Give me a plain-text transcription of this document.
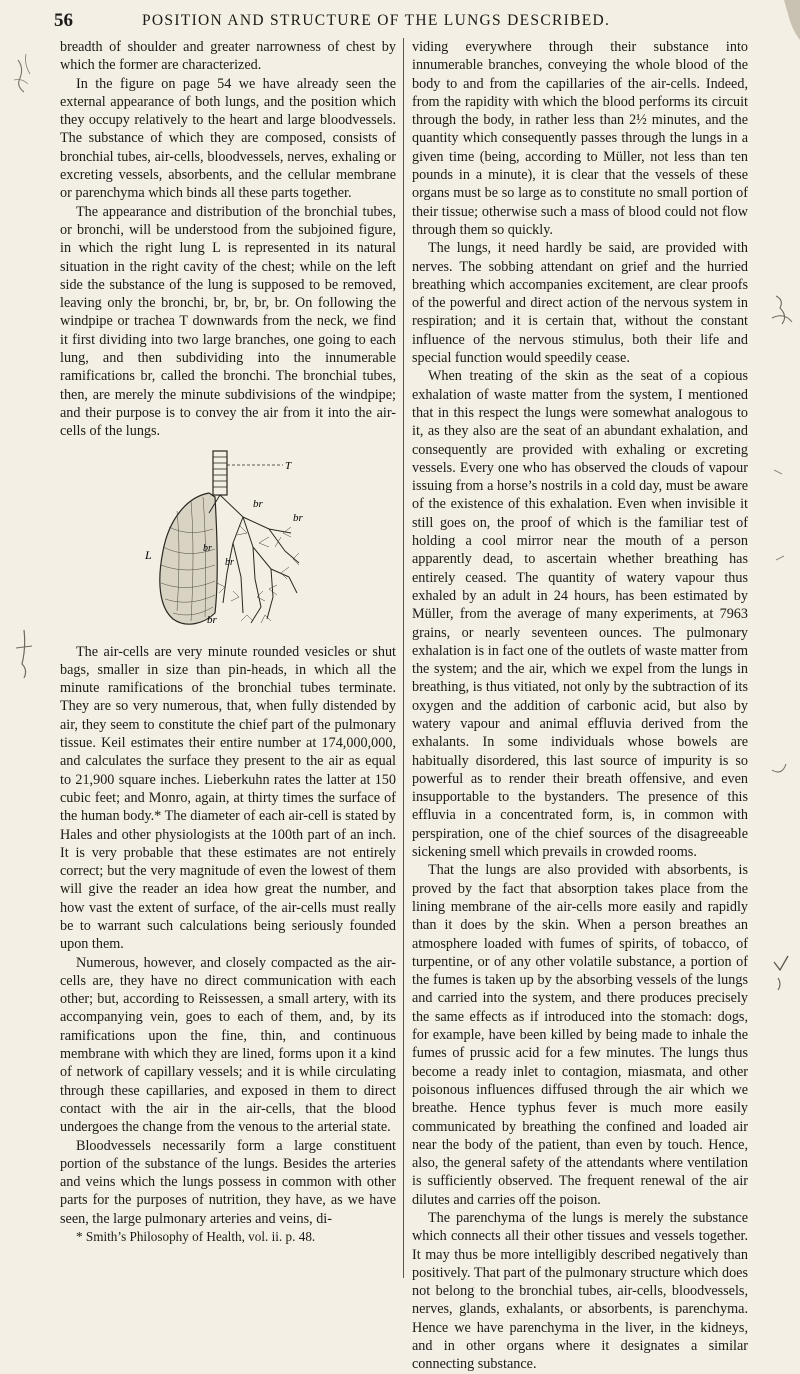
56	POSITION AND STRUCTURE OF THE LUNGS DESCRIBED.

breadth of shoulder and greater narrowness of chest by which the former are characterized.

In the figure on page 54 we have already seen the external appearance of both lungs, and the position which they occupy relatively to the heart and large bloodvessels. The substance of which they are composed, consists of bronchial tubes, air-cells, bloodvessels, nerves, exhaling or excreting vessels, absorbents, and the cellular membrane or parenchyma which binds all these parts together.

The appearance and distribution of the bronchial tubes, or bronchi, will be understood from the subjoined figure, in which the right lung L is represented in its natural situation in the right cavity of the chest; while on the left side the substance of the lung is supposed to be removed, leaving only the bronchi, br, br, br, br. On following the windpipe or trachea T downwards from the neck, we find it first dividing into two large branches, one going to each lung, and then subdividing into the innumerable ramifications br, called the bronchi. The bronchial tubes, then, are merely the minute subdivisions of the windpipe; and their purpose is to convey the air from it into the air-cells of the lungs.

T
br
br
L	br
br
br

The air-cells are very minute rounded vesicles or shut bags, smaller in size than pin-heads, in which all the minute ramifications of the bronchial tubes terminate. They are so very numerous, that, when fully distended by air, they seem to constitute the chief part of the pulmonary tissue. Keil estimates their entire number at 174,000,000, and calculates the surface they present to the air as equal to 21,900 square inches. Lieberkuhn rates the latter at 150 cubic feet; and Monro, again, at thirty times the surface of the human body.* The diameter of each air-cell is stated by Hales and other physiologists at the 100th part of an inch. It is very probable that these estimates are not entirely correct; but the very magnitude of even the lowest of them will give the reader an idea how great the number, and how vast the extent of surface, of the air-cells must really be to warrant such calculations being seriously founded upon them.

Numerous, however, and closely compacted as the air-cells are, they have no direct communication with each other; but, according to Reissessen, a small artery, with its accompanying vein, goes to each of them, and, by its ramifications upon the fine, thin, and continuous membrane with which they are lined, forms upon it a kind of network of capillary vessels; and it is while circulating through these capillaries, and exposed in them to direct contact with the air in the air-cells, that the blood undergoes the change from the venous to the arterial state.

Bloodvessels necessarily form a large constituent portion of the substance of the lungs. Besides the arteries and veins which the lungs possess in common with other parts for the purposes of nutrition, they have, as we have seen, the large pulmonary arteries and veins, di-

* Smith’s Philosophy of Health, vol. ii. p. 48.

viding everywhere through their substance into innumerable branches, conveying the whole blood of the body to and from the capillaries of the air-cells. Indeed, from the rapidity with which the blood performs its circuit through the body, in rather less than 2½ minutes, and the quantity which consequently passes through the lungs in a given time (being, according to Müller, not less than ten pounds in a minute), it is clear that the vessels of these organs must be so large as to constitute no small portion of their tissue; otherwise such a mass of blood could not flow through them so quickly.

The lungs, it need hardly be said, are provided with nerves. The sobbing attendant on grief and the hurried breathing which accompanies excitement, are clear proofs of the powerful and direct action of the nervous system in respiration; and it is certain that, without the constant influence of the nervous stimulus, both their life and special function would speedily cease.

When treating of the skin as the seat of a copious exhalation of waste matter from the system, I mentioned that in this respect the lungs were somewhat analogous to it, as they also are the seat of an abundant exhalation, and consequently are provided with exhaling or excreting vessels. Every one who has observed the clouds of vapour issuing from a horse’s nostrils in a cold day, must be aware of the existence of this exhalation. Even when invisible it still goes on, the proof of which is the familiar test of holding a cool mirror near the mouth of a person apparently dead, to ascertain whether breathing has entirely ceased. The quantity of watery vapour thus exhaled by an adult in 24 hours, has been estimated by Müller, from the average of many experiments, at 7963 grains, or nearly seventeen ounces. The pulmonary exhalation is in fact one of the outlets of waste matter from the system; and the air, which we expel from the lungs in breathing, is thus vitiated, not only by the subtraction of its oxygen and the addition of carbonic acid, but also by watery vapour and animal effluvia derived from the exhalants. In some individuals whose bowels are habitually disordered, this last source of impurity is so powerful as to render their breath offensive, and even insupportable to the bystanders. The presence of this effluvia in a concentrated form, is, in common with perspiration, one of the chief sources of the disagreeable sickening smell which prevails in crowded rooms.

That the lungs are also provided with absorbents, is proved by the fact that absorption takes place from the lining membrane of the air-cells more easily and rapidly than it does by the skin. When a person breathes an atmosphere loaded with fumes of spirits, of tobacco, of turpentine, or of any other volatile substance, a portion of the fumes is taken up by the absorbing vessels of the lungs and carried into the system, and there produces precisely the same effects as if introduced into the stomach: dogs, for example, have been killed by being made to inhale the fumes of prussic acid for a few minutes. The lungs thus become a ready inlet to contagion, miasmata, and other poisonous influences diffused through the air which we breathe. Hence typhus fever is much more easily communicated by breathing the confined and loaded air near the body of the patient, than even by touch. Hence, also, the general safety of the attendants where ventilation is sufficiently observed. The frequent renewal of the air dilutes and carries off the poison.

The parenchyma of the lungs is merely the substance which connects all their other tissues and vessels together. It may thus be more intelligibly described negatively than positively. That part of the pulmonary structure which does not belong to the bronchial tubes, air-cells, bloodvessels, nerves, glands, exhalants, or absorbents, is parenchyma. Hence we have parenchyma in the liver, in the kidneys, and in other organs where it designates a similar connecting substance.
